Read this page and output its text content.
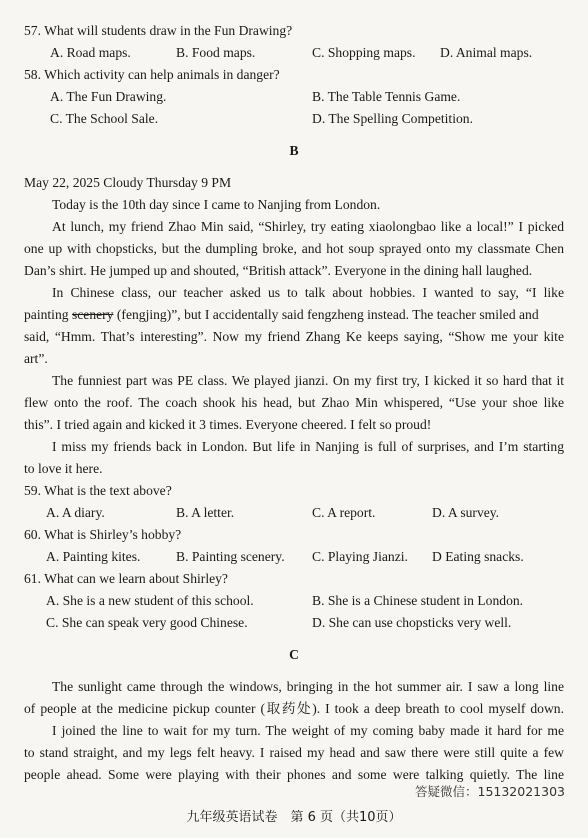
57. What will students draw in the Fun Drawing?
A. Road maps.	B. Food maps.	C. Shopping maps. D. Animal maps.
58. Which activity can help animals in danger?
A. The Fun Drawing.	B. The Table Tennis Game.
C. The School Sale.	D. The Spelling Competition.
B
May 22, 2025 Cloudy Thursday 9 PM
Today is the 10th day since I came to Nanjing from London.
At lunch, my friend Zhao Min said, “Shirley, try eating xiaolongbao like a local!” I picked
one up with chopsticks, but the dumpling broke, and hot soup sprayed onto my classmate Chen
Dan’s shirt. He jumped up and shouted, “British attack”. Everyone in the dining hall laughed.
In Chinese class, our teacher asked us to talk about hobbies. I wanted to say, “I like
painting scenery (fengjing)”, but I accidentally said fengzheng instead. The teacher smiled and
said, “Hmm. That’s interesting”. Now my friend Zhang Ke keeps saying, “Show me your kite
art”.
The funniest part was PE class. We played jianzi. On my first try, I kicked it so hard that it
flew onto the roof. The coach shook his head, but Zhao Min whispered, “Use your shoe like
this”. I tried again and kicked it 3 times. Everyone cheered. I felt so proud!
I miss my friends back in London. But life in Nanjing is full of surprises, and I’m starting
to love it here.
59. What is the text above?
A. A diary.	B. A letter.	C. A report.	D. A survey.
60. What is Shirley’s hobby?
A. Painting kites.	B. Painting scenery. C. Playing Jianzi. D Eating snacks.
61. What can we learn about Shirley?
A. She is a new student of this school.	B. She is a Chinese student in London.
C. She can speak very good Chinese.	D. She can use chopsticks very well.
C
The sunlight came through the windows, bringing in the hot summer air. I saw a long line
of people at the medicine pickup counter (取药处). I took a deep breath to cool myself down.
I joined the line to wait for my turn. The weight of my coming baby made it hard for me
to stand straight, and my legs felt heavy. I raised my head and saw there were still quite a few
people ahead. Some were playing with their phones and some were talking quietly. The line
答疑微信：15132021303
九年级英语试卷　第 6 页（共10页）
